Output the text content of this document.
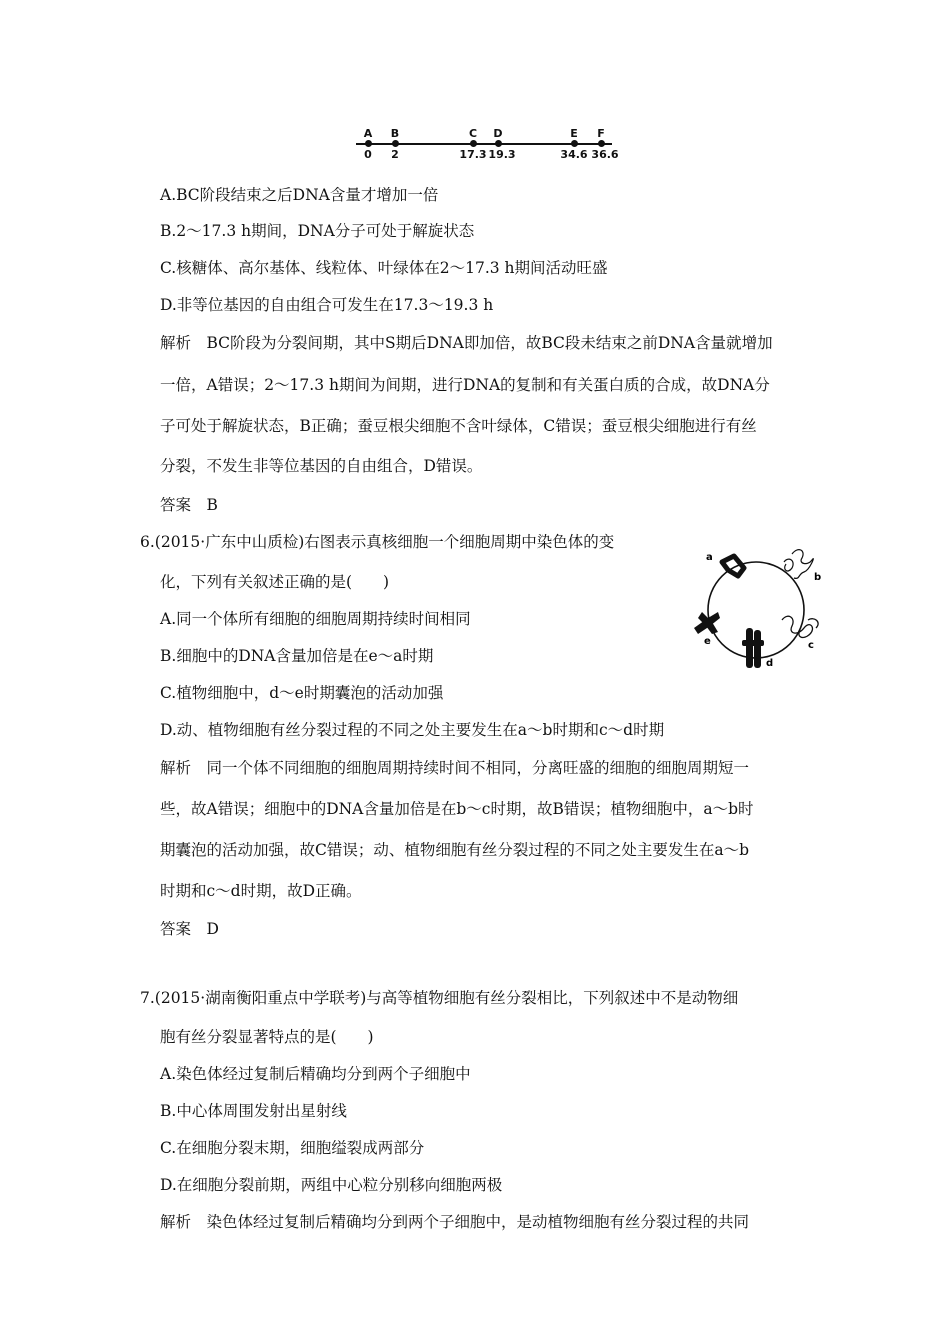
A B	C D	E F
0 2	17.3 19.3	34.6 36.6
A.BC阶段结束之后DNA含量才增加一倍
B.2～17.3 h期间，DNA分子可处于解旋状态
C.核糖体、高尔基体、线粒体、叶绿体在2～17.3 h期间活动旺盛
D.非等位基因的自由组合可发生在17.3～19.3 h
解析　BC阶段为分裂间期，其中S期后DNA即加倍，故BC段未结束之前DNA含量就增加
一倍，A错误；2～17.3 h期间为间期，进行DNA的复制和有关蛋白质的合成，故DNA分
子可处于解旋状态，B正确；蚕豆根尖细胞不含叶绿体，C错误；蚕豆根尖细胞进行有丝
分裂，不发生非等位基因的自由组合，D错误。
答案　B
6.(2015·广东中山质检)右图表示真核细胞一个细胞周期中染色体的变
化，下列有关叙述正确的是(　　)
A.同一个体所有细胞的细胞周期持续时间相同
B.细胞中的DNA含量加倍是在e～a时期
C.植物细胞中，d～e时期囊泡的活动加强
D.动、植物细胞有丝分裂过程的不同之处主要发生在a～b时期和c～d时期
解析　同一个体不同细胞的细胞周期持续时间不相同，分离旺盛的细胞的细胞周期短一
些，故A错误；细胞中的DNA含量加倍是在b～c时期，故B错误；植物细胞中，a～b时
期囊泡的活动加强，故C错误；动、植物细胞有丝分裂过程的不同之处主要发生在a～b
时期和c～d时期，故D正确。
答案　D
a
b
c
d
e
7.(2015·湖南衡阳重点中学联考)与高等植物细胞有丝分裂相比，下列叙述中不是动物细
胞有丝分裂显著特点的是(　　)
A.染色体经过复制后精确均分到两个子细胞中
B.中心体周围发射出星射线
C.在细胞分裂末期，细胞缢裂成两部分
D.在细胞分裂前期，两组中心粒分别移向细胞两极
解析　染色体经过复制后精确均分到两个子细胞中，是动植物细胞有丝分裂过程的共同
